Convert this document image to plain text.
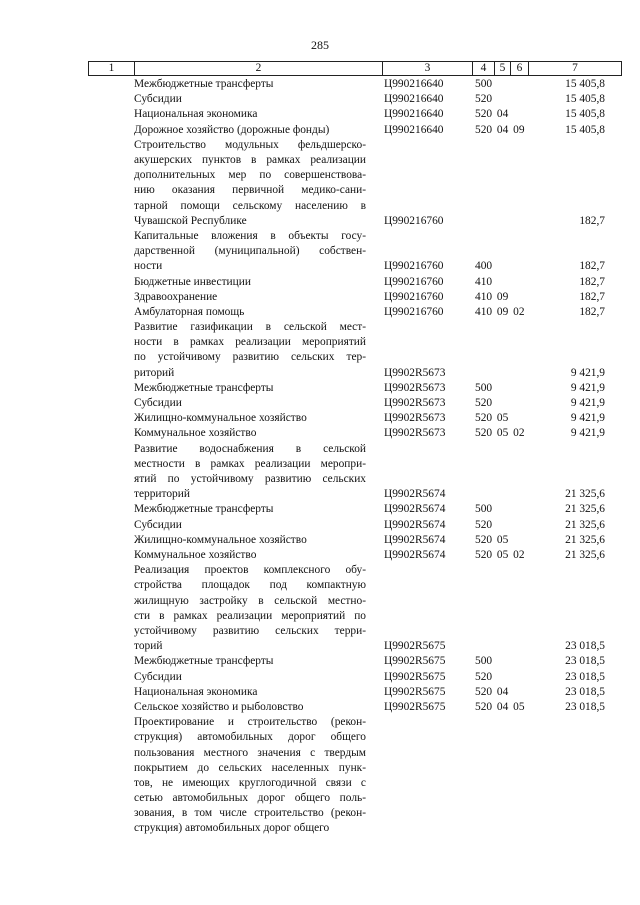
285
1	2	3	4	5 6	7
Межбюджетные трансферты	Ц990216640	500	15 405,8
Субсидии	Ц990216640	520	15 405,8
Национальная экономика	Ц990216640	520 04	15 405,8
Дорожное хозяйство (дорожные фонды)	Ц990216640	520 04 09	15 405,8
Строительство модульных фельдшерско-
акушерских пунктов в рамках реализации
дополнительных мер по совершенствова-
нию оказания первичной медико-сани-
тарной помощи сельскому населению в
Чувашской Республике	Ц990216760	182,7
Капитальные вложения в объекты госу-
дарственной (муниципальной) собствен-
ности	Ц990216760	400	182,7
Бюджетные инвестиции	Ц990216760	410	182,7
Здравоохранение	Ц990216760	410 09	182,7
Амбулаторная помощь	Ц990216760	410 09 02	182,7
Развитие газификации в сельской мест-
ности в рамках реализации мероприятий
по устойчивому развитию сельских тер-
риторий	Ц9902R5673	9 421,9
Межбюджетные трансферты	Ц9902R5673	500	9 421,9
Субсидии	Ц9902R5673	520	9 421,9
Жилищно-коммунальное хозяйство	Ц9902R5673	520 05	9 421,9
Коммунальное хозяйство	Ц9902R5673	520 05 02	9 421,9
Развитие водоснабжения в сельской
местности в рамках реализации меропри-
ятий по устойчивому развитию сельских
территорий	Ц9902R5674	21 325,6
Межбюджетные трансферты	Ц9902R5674	500	21 325,6
Субсидии	Ц9902R5674	520	21 325,6
Жилищно-коммунальное хозяйство	Ц9902R5674	520 05	21 325,6
Коммунальное хозяйство	Ц9902R5674	520 05 02	21 325,6
Реализация проектов комплексного обу-
стройства площадок под компактную
жилищную застройку в сельской местно-
сти в рамках реализации мероприятий по
устойчивому развитию сельских терри-
торий	Ц9902R5675	23 018,5
Межбюджетные трансферты	Ц9902R5675	500	23 018,5
Субсидии	Ц9902R5675	520	23 018,5
Национальная экономика	Ц9902R5675	520 04	23 018,5
Сельское хозяйство и рыболовство	Ц9902R5675	520 04 05	23 018,5
Проектирование и строительство (рекон-
струкция) автомобильных дорог общего
пользования местного значения с твердым
покрытием до сельских населенных пунк-
тов, не имеющих круглогодичной связи с
сетью автомобильных дорог общего поль-
зования, в том числе строительство (рекон-
струкция) автомобильных дорог общего
